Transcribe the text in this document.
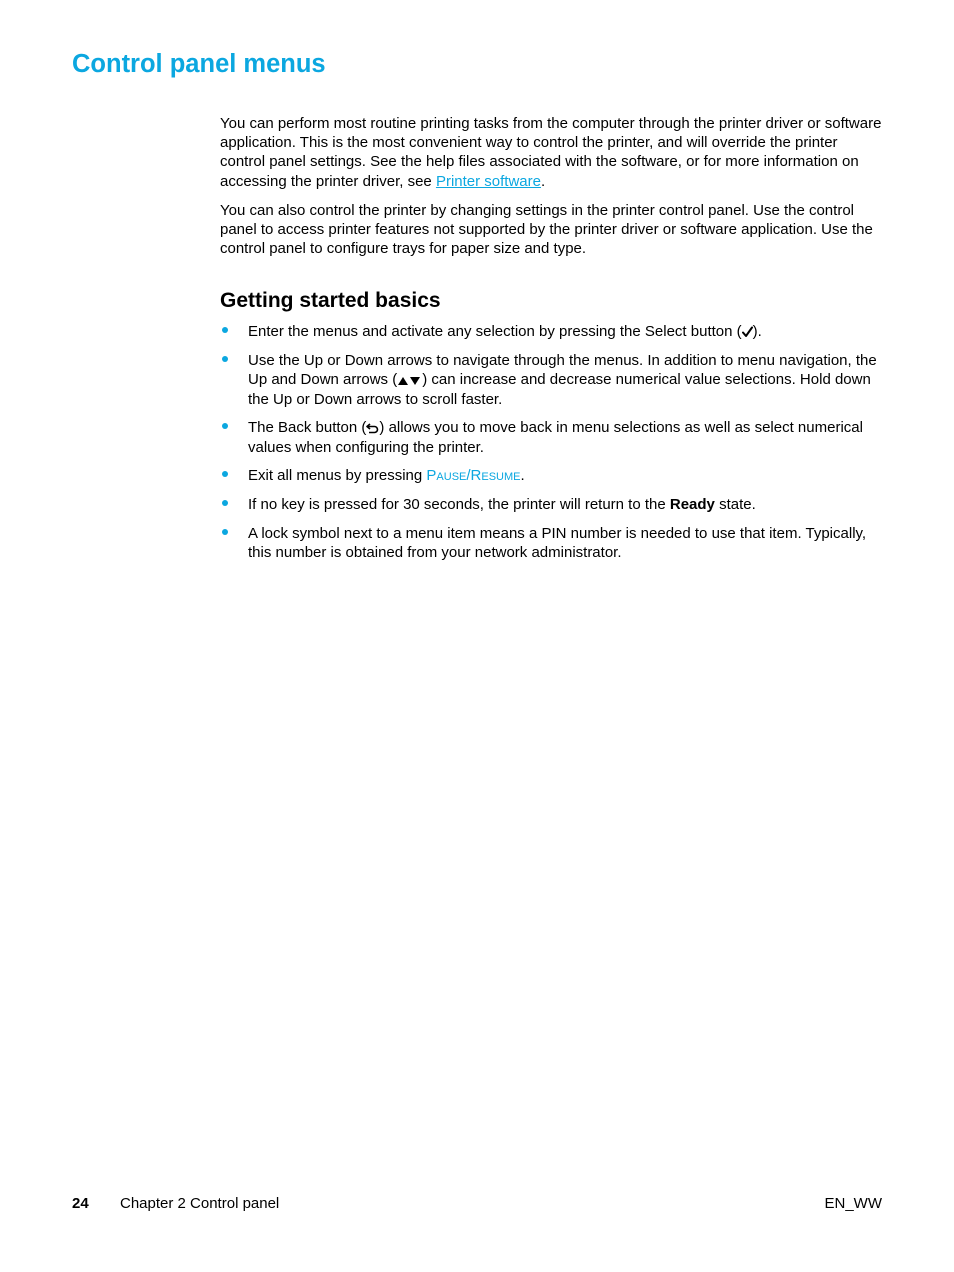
Control panel menus

You can perform most routine printing tasks from the computer through the printer driver or software application. This is the most convenient way to control the printer, and will override the printer control panel settings. See the help files associated with the software, or for more information on accessing the printer driver, see Printer software.

You can also control the printer by changing settings in the printer control panel. Use the control panel to access printer features not supported by the printer driver or software application. Use the control panel to configure trays for paper size and type.

Getting started basics
Enter the menus and activate any selection by pressing the Select button ( ).
Use the Up or Down arrows to navigate through the menus. In addition to menu navigation, the Up and Down arrows ( ) can increase and decrease numerical value selections. Hold down the Up or Down arrows to scroll faster.
The Back button ( ) allows you to move back in menu selections as well as select numerical values when configuring the printer.
Exit all menus by pressing Pause/Resume.
If no key is pressed for 30 seconds, the printer will return to the Ready state.
A lock symbol next to a menu item means a PIN number is needed to use that item. Typically, this number is obtained from your network administrator.
24 Chapter 2 Control panel	EN_WW
